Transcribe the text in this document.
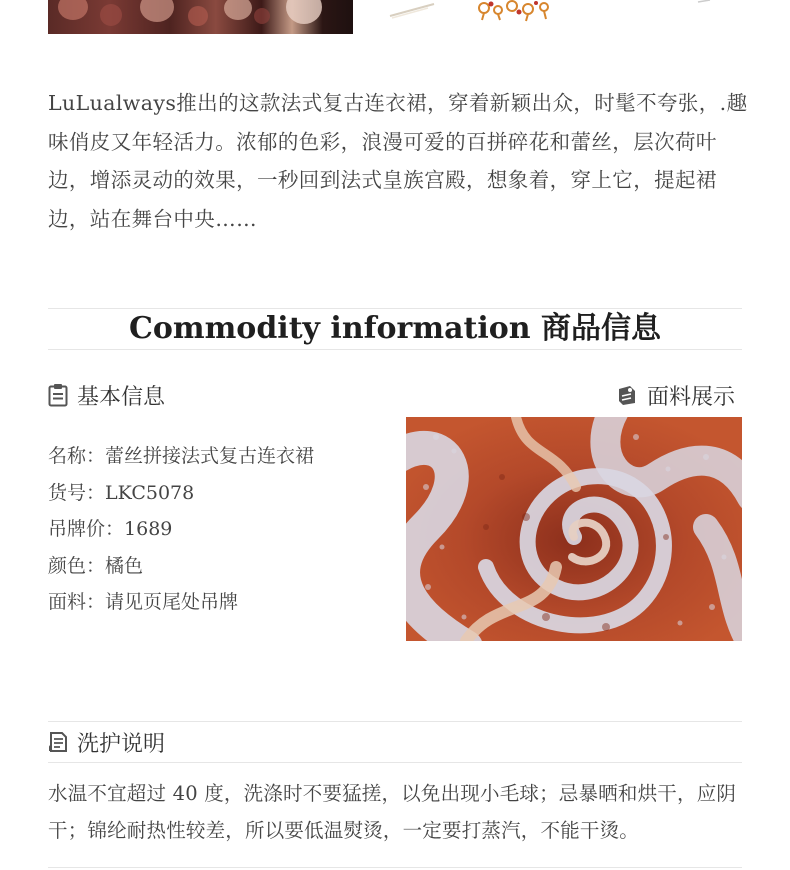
LuLualways推出的这款法式复古连衣裙，穿着新颖出众，时髦不夸张，.趣味俏皮又年轻活力。浓郁的色彩，浪漫可爱的百拼碎花和蕾丝，层次荷叶边，增添灵动的效果，一秒回到法式皇族宫殿，想象着，穿上它，提起裙边，站在舞台中央……

Commodity information 商品信息
基本信息	面料展示
名称： 蕾丝拼接法式复古连衣裙
货号： LKC5078
吊牌价： 1689
颜色： 橘色
面料： 请见页尾处吊牌
洗护说明

水温不宜超过 40 度，洗涤时不要猛搓，以免出现小毛球；忌暴晒和烘干，应阴干；锦纶耐热性较差，所以要低温熨烫，一定要打蒸汽，不能干烫。
